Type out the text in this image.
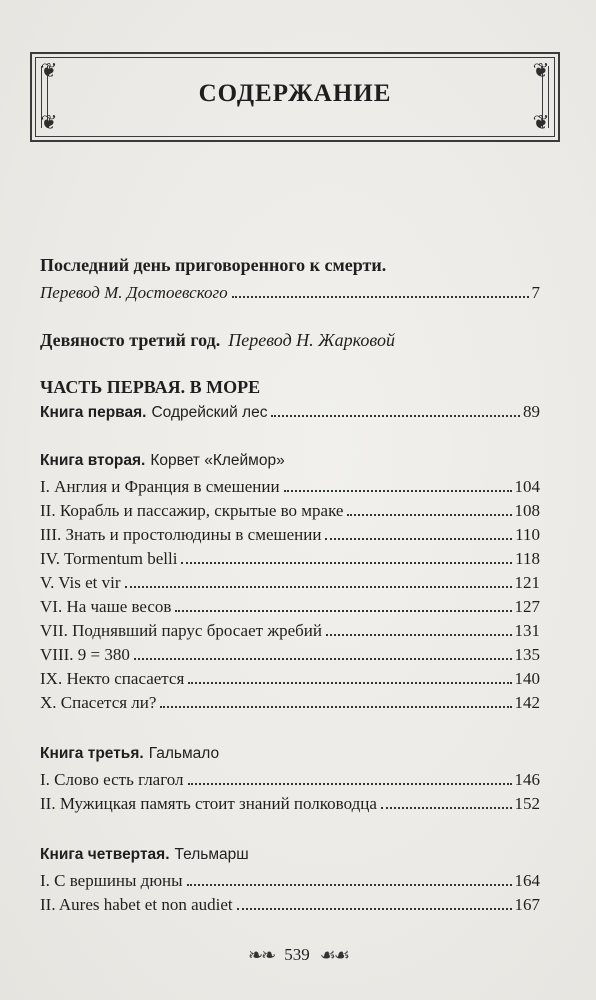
❦	❦
❦	❦
СОДЕРЖАНИЕ
Последний день приговоренного к смерти.
Перевод М. Достоевского	7
Девяносто третий год. Перевод Н. Жарковой
ЧАСТЬ ПЕРВАЯ. В МОРЕ
Книга первая. Содрейский лес	89
Книга вторая. Корвет «Клеймор»
I. Англия и Франция в смешении	104
II. Корабль и пассажир, скрытые во мраке	108
III. Знать и простолюдины в смешении	110
IV. Tormentum belli	118
V. Vis et vir	121
VI. На чаше весов	127
VII. Поднявший парус бросает жребий	131
VIII. 9 = 380	135
IX. Некто спасается	140
X. Спасется ли?	142
Книга третья. Гальмало
I. Слово есть глагол	146
II. Мужицкая память стоит знаний полководца	152
Книга четвертая. Тельмарш
I. С вершины дюны	164
II. Aures habet et non audiet	167
❧❧ 539 ☙☙
